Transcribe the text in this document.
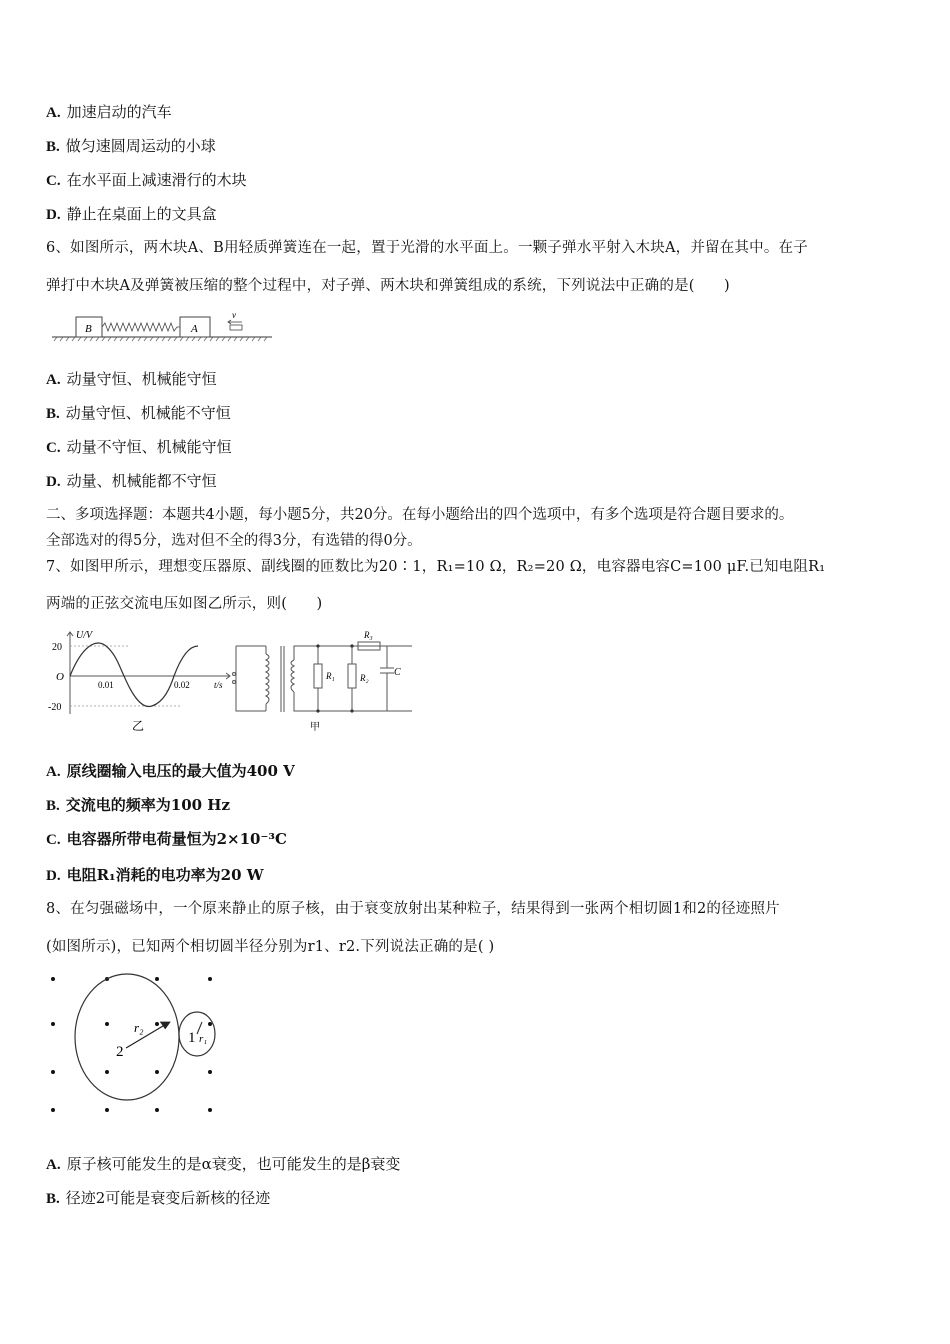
A. 加速启动的汽车
B. 做匀速圆周运动的小球
C. 在水平面上减速滑行的木块
D. 静止在桌面上的文具盒
6、如图所示，两木块A、B用轻质弹簧连在一起，置于光滑的水平面上。一颗子弹水平射入木块A，并留在其中。在子
弹打中木块A及弹簧被压缩的整个过程中，对子弹、两木块和弹簧组成的系统，下列说法中正确的是(　　)
B	A
v
A. 动量守恒、机械能守恒
B. 动量守恒、机械能不守恒
C. 动量不守恒、机械能守恒
D. 动量、机械能都不守恒
二、多项选择题：本题共4小题，每小题5分，共20分。在每小题给出的四个选项中，有多个选项是符合题目要求的。
全部选对的得5分，选对但不全的得3分，有选错的得0分。
7、如图甲所示，理想变压器原、副线圈的匝数比为20∶1，R₁=10 Ω，R₂=20 Ω，电容器电容C=100 μF.已知电阻R₁
两端的正弦交流电压如图乙所示，则(　　)
U/V
20
-20
O
0.01	0.02	t/s
乙
R₁	R₂
R₃
C
甲
A. 原线圈输入电压的最大值为400 V
B. 交流电的频率为100 Hz
C. 电容器所带电荷量恒为2×10⁻³C
D. 电阻R₁消耗的电功率为20 W
8、在匀强磁场中，一个原来静止的原子核，由于衰变放射出某种粒子，结果得到一张两个相切圆1和2的径迹照片
(如图所示)，已知两个相切圆半径分别为r1、r2.下列说法正确的是( )
2
r₂
1 r₁
A. 原子核可能发生的是α衰变，也可能发生的是β衰变
B. 径迹2可能是衰变后新核的径迹
